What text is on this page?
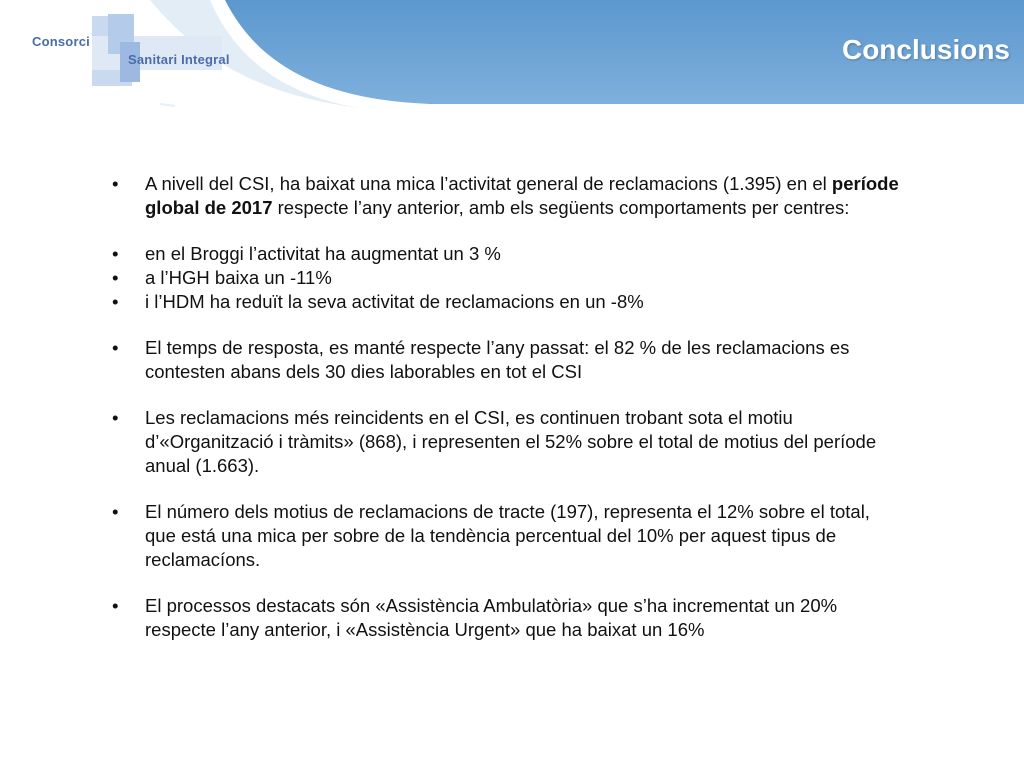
Consorci
Sanitari Integral	Conclusions
• A nivell del CSI, ha baixat una mica l’activitat general de reclamacions (1.395) en el període global de 2017 respecte l’any anterior, amb els següents comportaments per centres:
• en el Broggi l’activitat ha augmentat un 3 %
• a l’HGH baixa un -11%
• i l’HDM ha reduït la seva activitat de reclamacions en un -8%
• El temps de resposta, es manté respecte l’any passat: el 82 % de les reclamacions es contesten abans dels 30 dies laborables en tot el CSI
• Les reclamacions més reincidents en el CSI, es continuen trobant sota el motiu d’«Organització i tràmits» (868), i representen el 52% sobre el total de motius del període anual (1.663).
• El número dels motius de reclamacions de tracte (197), representa el 12% sobre el total, que está una mica per sobre de la tendència percentual del 10% per aquest tipus de reclamacíons.
• El processos destacats són «Assistència Ambulatòria» que s’ha incrementat un 20% respecte l’any anterior, i «Assistència Urgent» que ha baixat un 16%
